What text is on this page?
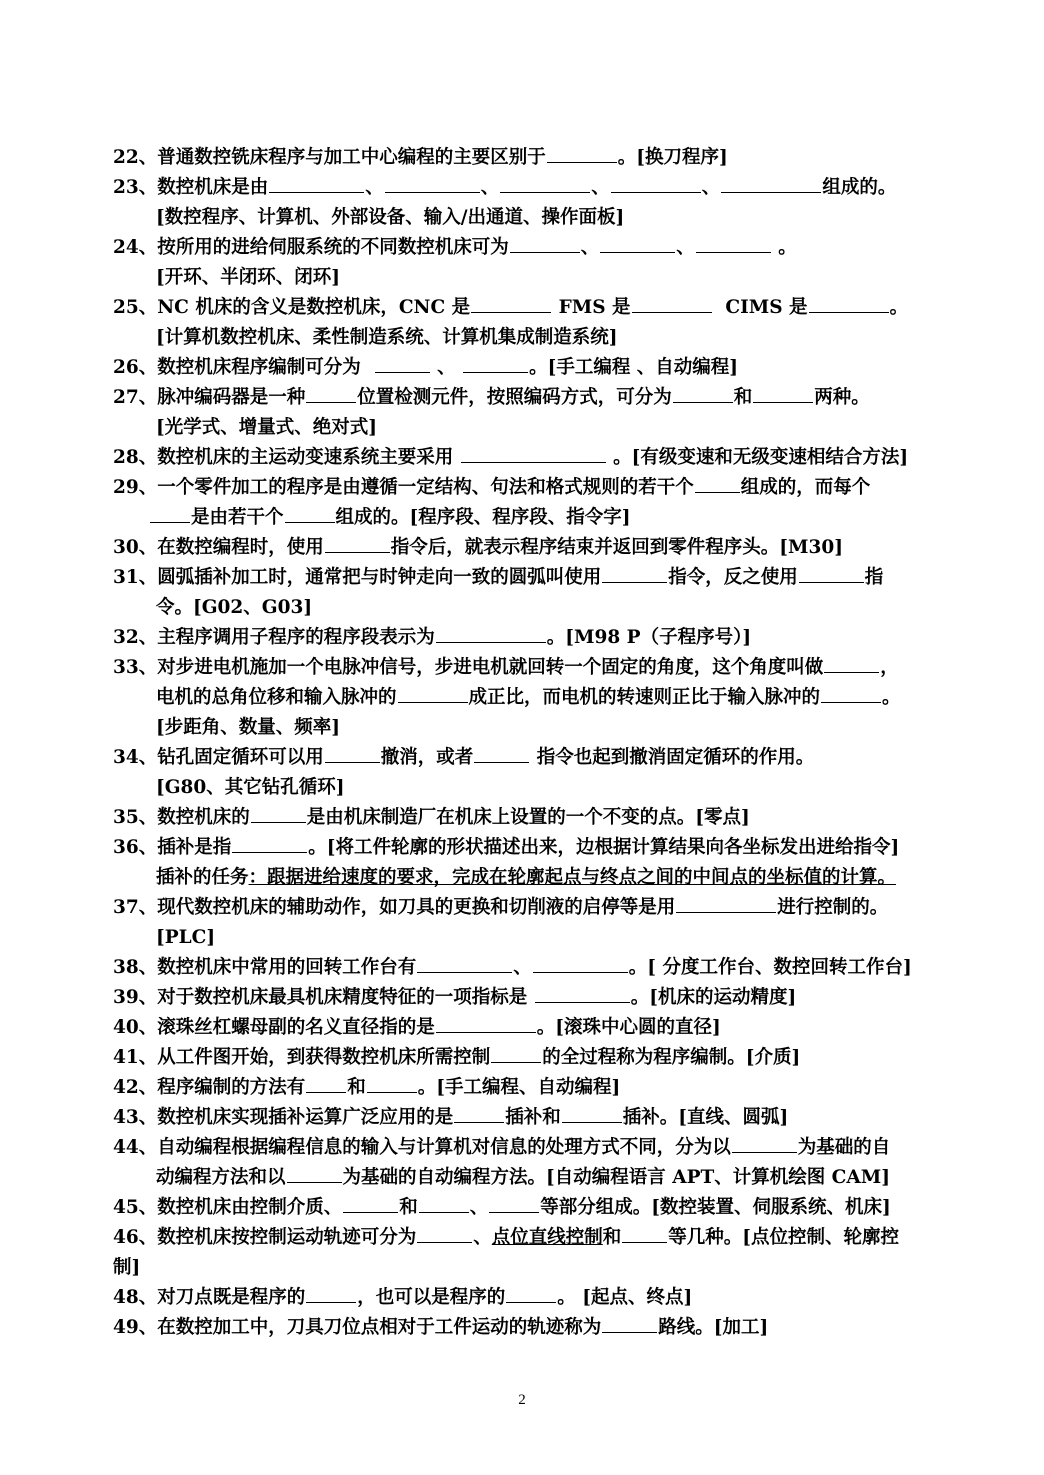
22、普通数控铣床程序与加工中心编程的主要区别于	。[换刀程序]
23、数控机床是由	、	、	、	、	组成的。
[数控程序、计算机、外部设备、输入/出通道、操作面板]
24、按所用的进给伺服系统的不同数控机床可为	、	、	。
[开环、半闭环、闭环]
25、NC 机床的含义是数控机床，CNC 是	FMS 是	CIMS 是	。
[计算机数控机床、柔性制造系统、计算机集成制造系统]
26、数控机床程序编制可分为	、	。[手工编程 、自动编程]
27、脉冲编码器是一种	位置检测元件，按照编码方式，可分为	和	两种。
[光学式、增量式、绝对式]
28、数控机床的主运动变速系统主要采用	。[有级变速和无级变速相结合方法]
29、一个零件加工的程序是由遵循一定结构、句法和格式规则的若干个	组成的，而每个
是由若干个	组成的。[程序段、程序段、指令字]
30、在数控编程时，使用	指令后，就表示程序结束并返回到零件程序头。[M30]
31、圆弧插补加工时，通常把与时钟走向一致的圆弧叫使用	指令，反之使用	指
令。[G02、G03]
32、主程序调用子程序的程序段表示为	。[M98 P（子程序号）]
33、对步进电机施加一个电脉冲信号，步进电机就回转一个固定的角度，这个角度叫做	，
电机的总角位移和输入脉冲的	成正比，而电机的转速则正比于输入脉冲的	。
[步距角、数量、频率]
34、钻孔固定循环可以用	撤消，或者	指令也起到撤消固定循环的作用。
[G80、其它钻孔循环]
35、数控机床的	是由机床制造厂在机床上设置的一个不变的点。[零点]
36、插补是指	。[将工件轮廓的形状描述出来，边根据计算结果向各坐标发出进给指令]
插补的任务：跟据进给速度的要求，完成在轮廓起点与终点之间的中间点的坐标值的计算。
37、现代数控机床的辅助动作，如刀具的更换和切削液的启停等是用	进行控制的。
[PLC]
38、数控机床中常用的回转工作台有	、	。[ 分度工作台、数控回转工作台]
39、对于数控机床最具机床精度特征的一项指标是	。[机床的运动精度]
40、滚珠丝杠螺母副的名义直径指的是	。[滚珠中心圆的直径]
41、从工件图开始，到获得数控机床所需控制	的全过程称为程序编制。[介质]
42、程序编制的方法有 和	。[手工编程、自动编程]
43、数控机床实现插补运算广泛应用的是	插补和	插补。[直线、圆弧]
44、自动编程根据编程信息的输入与计算机对信息的处理方式不同，分为以	为基础的自
动编程方法和以	为基础的自动编程方法。[自动编程语言 APT、计算机绘图 CAM]
45、数控机床由控制介质、	和	、	等部分组成。[数控装置、伺服系统、机床]
46、数控机床按控制运动轨迹可分为	、点位直线控制和	等几种。[点位控制、轮廓控
制]
48、对刀点既是程序的	，也可以是程序的	。 [起点、终点]
49、在数控加工中，刀具刀位点相对于工件运动的轨迹称为	路线。[加工]
2
